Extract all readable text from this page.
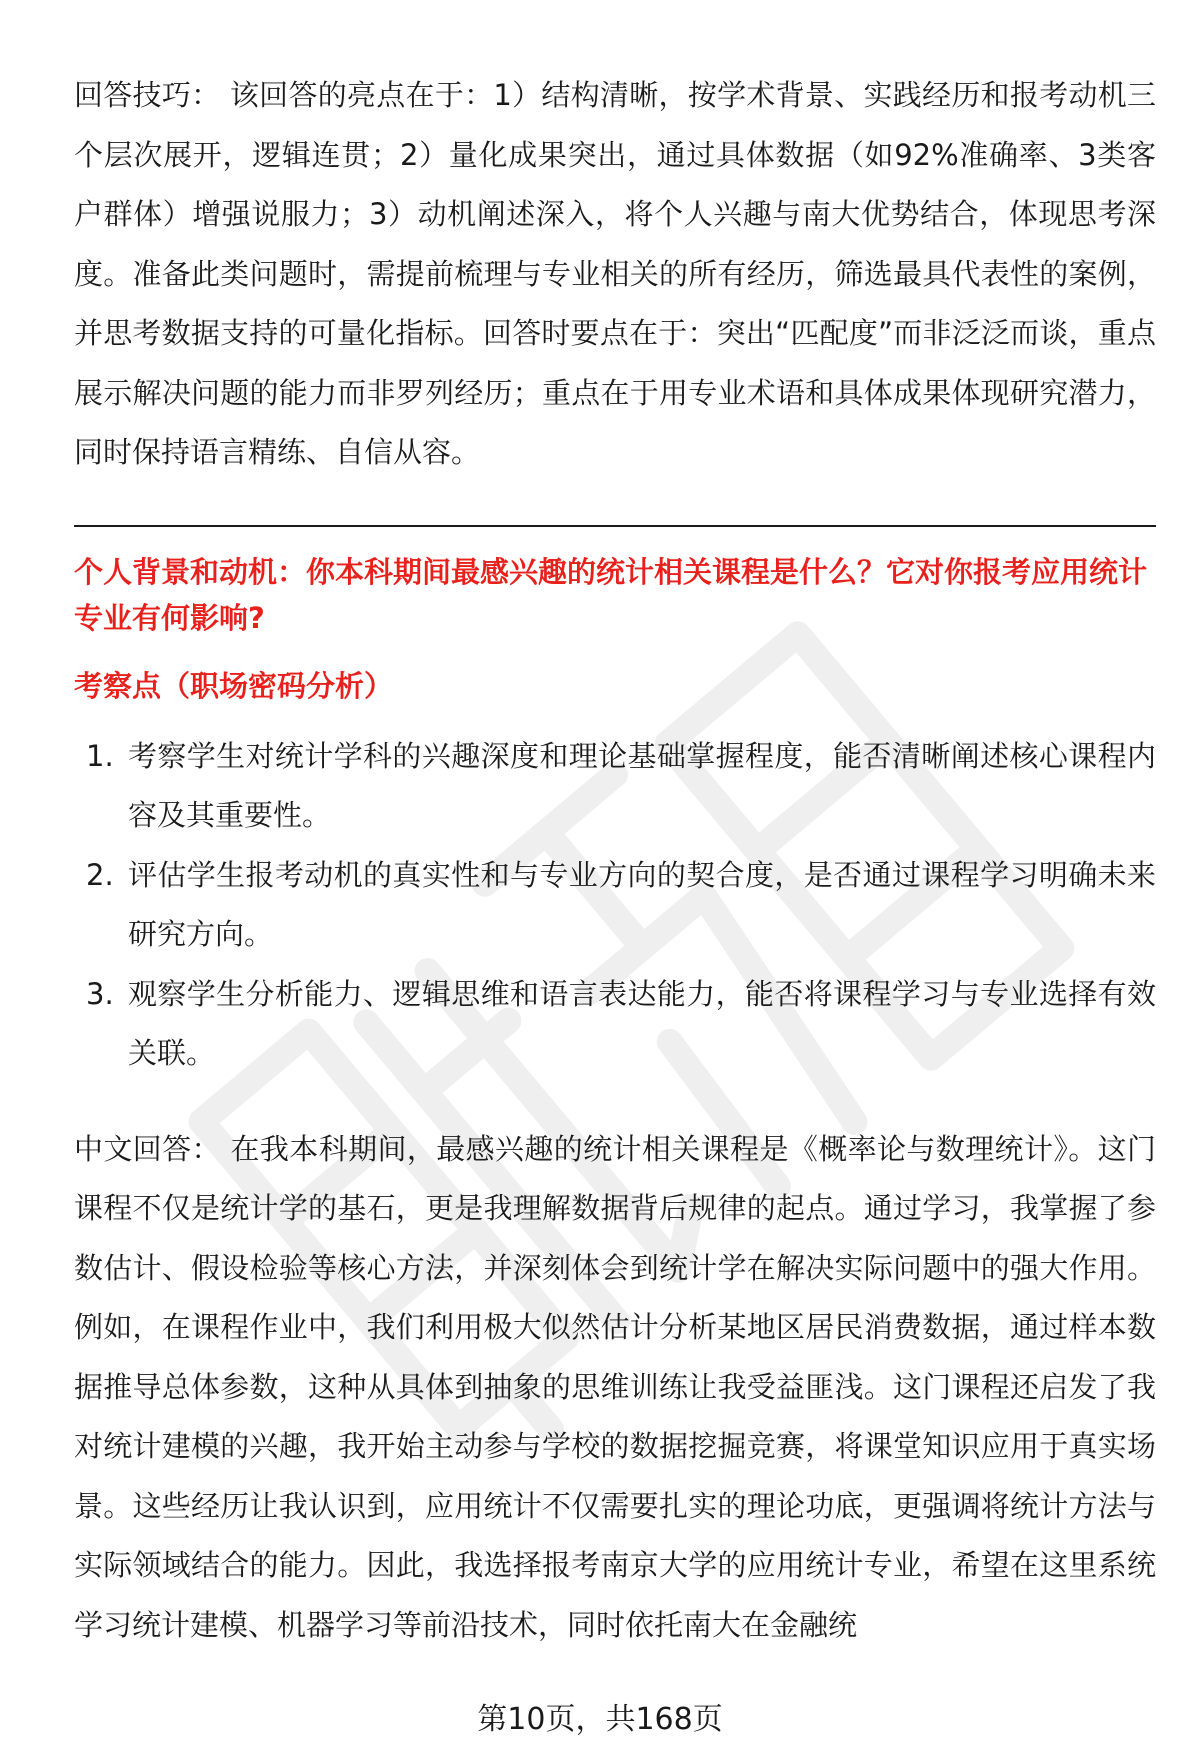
回答技巧： 该回答的亮点在于：1）结构清晰，按学术背景、实践经历和报考动机三个层次展开，逻辑连贯；2）量化成果突出，通过具体数据（如92%准确率、3类客户群体）增强说服力；3）动机阐述深入，将个人兴趣与南大优势结合，体现思考深度。准备此类问题时，需提前梳理与专业相关的所有经历，筛选最具代表性的案例，并思考数据支持的可量化指标。回答时要点在于：突出“匹配度”而非泛泛而谈，重点展示解决问题的能力而非罗列经历；重点在于用专业术语和具体成果体现研究潜力，同时保持语言精练、自信从容。

个人背景和动机：你本科期间最感兴趣的统计相关课程是什么？它对你报考应用统计专业有何影响?

考察点（职场密码分析）

1. 考察学生对统计学科的兴趣深度和理论基础掌握程度，能否清晰阐述核心课程内容及其重要性。
2. 评估学生报考动机的真实性和与专业方向的契合度，是否通过课程学习明确未来研究方向。
3. 观察学生分析能力、逻辑思维和语言表达能力，能否将课程学习与专业选择有效关联。

中文回答： 在我本科期间，最感兴趣的统计相关课程是《概率论与数理统计》。这门课程不仅是统计学的基石，更是我理解数据背后规律的起点。通过学习，我掌握了参数估计、假设检验等核心方法，并深刻体会到统计学在解决实际问题中的强大作用。例如，在课程作业中，我们利用极大似然估计分析某地区居民消费数据，通过样本数据推导总体参数，这种从具体到抽象的思维训练让我受益匪浅。这门课程还启发了我对统计建模的兴趣，我开始主动参与学校的数据挖掘竞赛，将课堂知识应用于真实场景。这些经历让我认识到，应用统计不仅需要扎实的理论功底，更强调将统计方法与实际领域结合的能力。因此，我选择报考南京大学的应用统计专业，希望在这里系统学习统计建模、机器学习等前沿技术，同时依托南大在金融统

第10页，共168页
